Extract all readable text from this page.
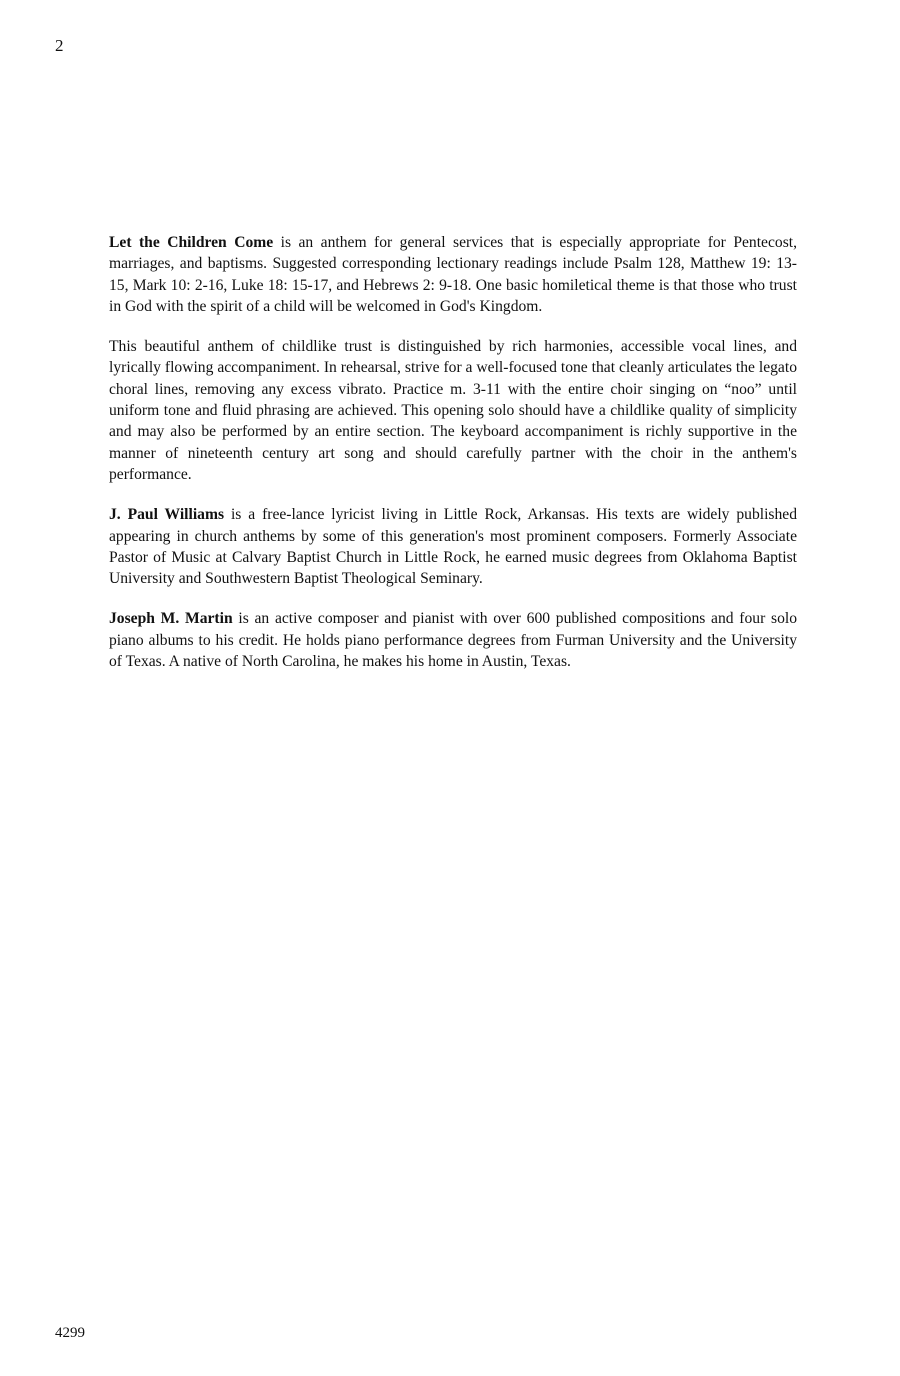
2

Let the Children Come is an anthem for general services that is especially appropriate for Pentecost, marriages, and baptisms. Suggested corresponding lectionary readings include Psalm 128, Matthew 19: 13-15, Mark 10: 2-16, Luke 18: 15-17, and Hebrews 2: 9-18. One basic homiletical theme is that those who trust in God with the spirit of a child will be welcomed in God's Kingdom.

This beautiful anthem of childlike trust is distinguished by rich harmonies, accessible vocal lines, and lyrically flowing accompaniment. In rehearsal, strive for a well-focused tone that cleanly articulates the legato choral lines, removing any excess vibrato. Practice m. 3-11 with the entire choir singing on “noo” until uniform tone and fluid phrasing are achieved. This opening solo should have a childlike quality of simplicity and may also be performed by an entire section. The keyboard accompaniment is richly supportive in the manner of nineteenth century art song and should carefully partner with the choir in the anthem's performance.

J. Paul Williams is a free-lance lyricist living in Little Rock, Arkansas. His texts are widely published appearing in church anthems by some of this generation's most prominent composers. Formerly Associate Pastor of Music at Calvary Baptist Church in Little Rock, he earned music degrees from Oklahoma Baptist University and Southwestern Baptist Theological Seminary.

Joseph M. Martin is an active composer and pianist with over 600 published compositions and four solo piano albums to his credit. He holds piano performance degrees from Furman University and the University of Texas. A native of North Carolina, he makes his home in Austin, Texas.

4299
